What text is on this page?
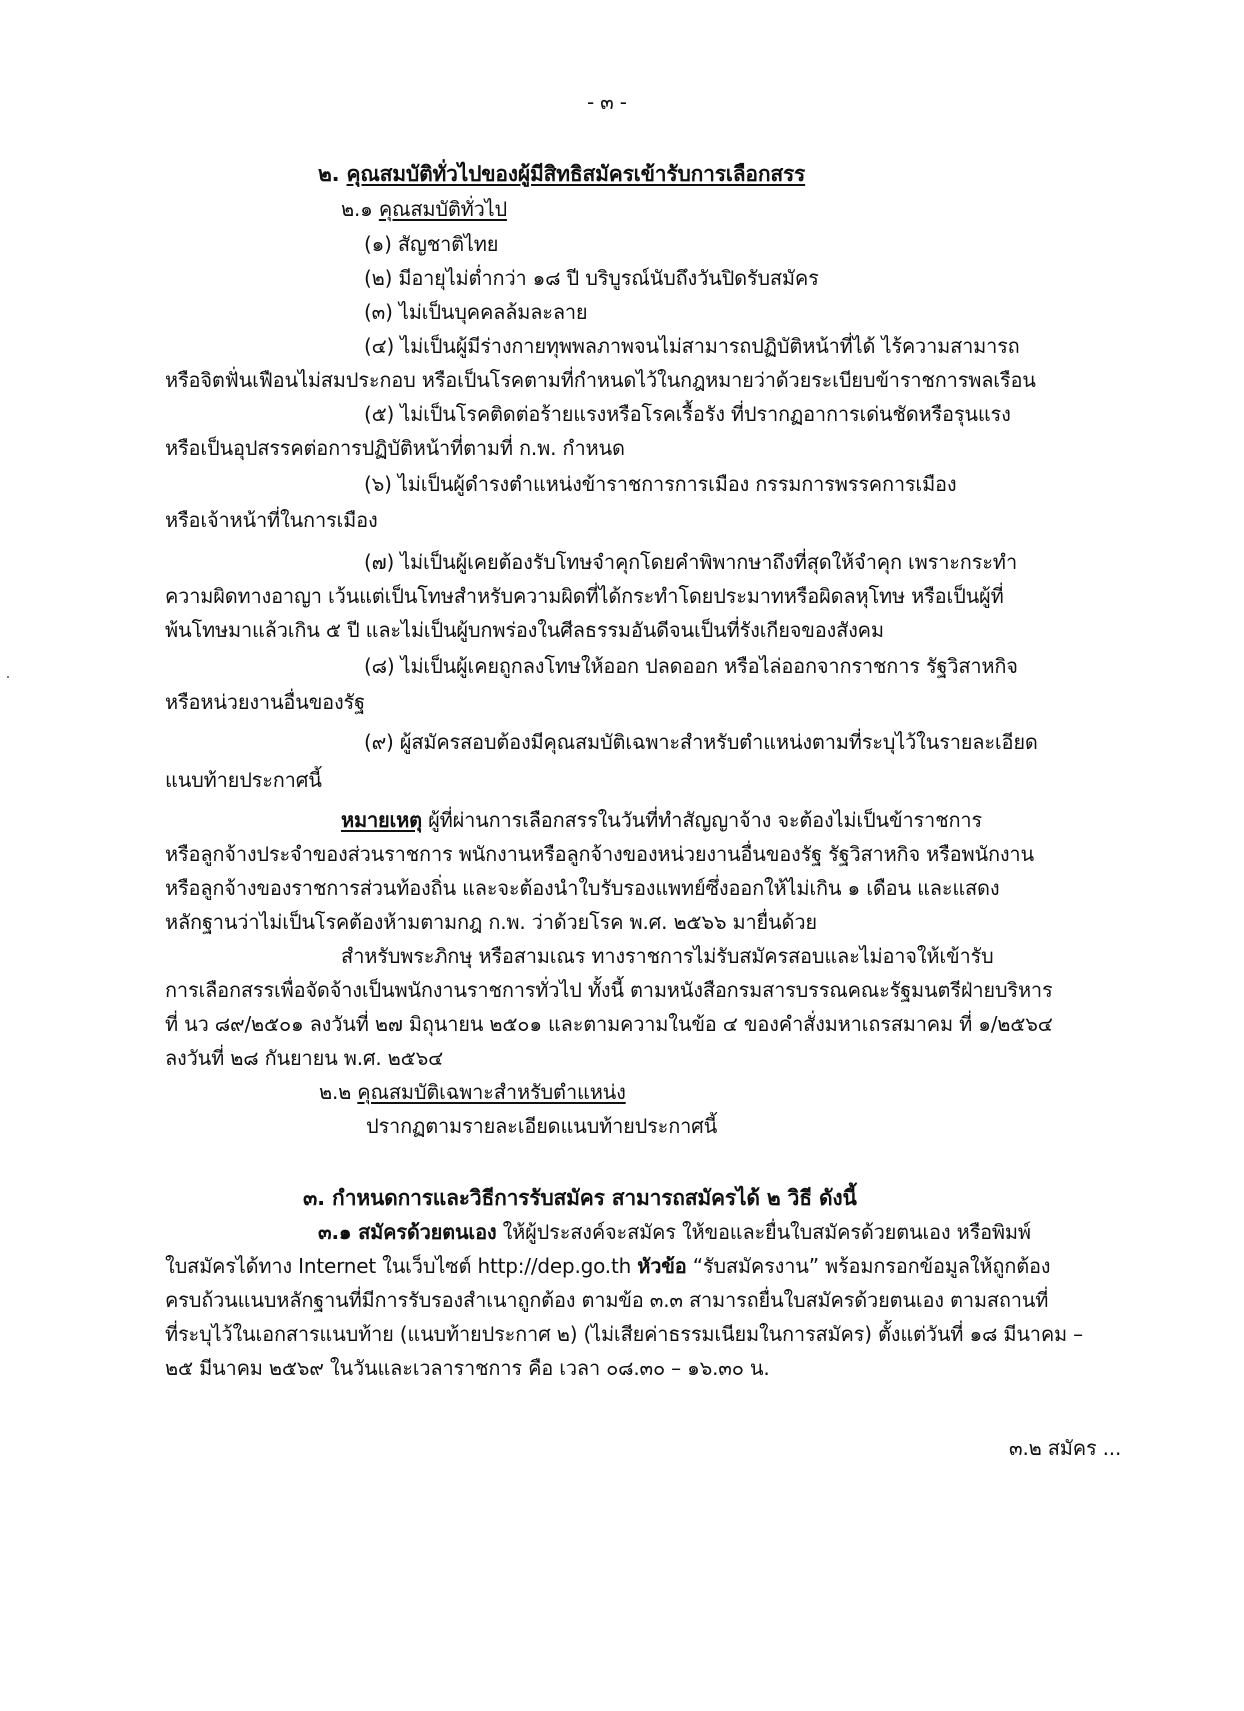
- ๓ -
๒. คุณสมบัติทั่วไปของผู้มีสิทธิสมัครเข้ารับการเลือกสรร
๒.๑ คุณสมบัติทั่วไป
(๑) สัญชาติไทย
(๒) มีอายุไม่ต่ำกว่า ๑๘ ปี บริบูรณ์นับถึงวันปิดรับสมัคร
(๓) ไม่เป็นบุคคลล้มละลาย
(๔) ไม่เป็นผู้มีร่างกายทุพพลภาพจนไม่สามารถปฏิบัติหน้าที่ได้ ไร้ความสามารถ
หรือจิตฟั่นเฟือนไม่สมประกอบ หรือเป็นโรคตามที่กำหนดไว้ในกฎหมายว่าด้วยระเบียบข้าราชการพลเรือน
(๕) ไม่เป็นโรคติดต่อร้ายแรงหรือโรคเรื้อรัง ที่ปรากฏอาการเด่นชัดหรือรุนแรง
หรือเป็นอุปสรรคต่อการปฏิบัติหน้าที่ตามที่ ก.พ. กำหนด
(๖) ไม่เป็นผู้ดำรงตำแหน่งข้าราชการการเมือง กรรมการพรรคการเมือง
หรือเจ้าหน้าที่ในการเมือง
(๗) ไม่เป็นผู้เคยต้องรับโทษจำคุกโดยคำพิพากษาถึงที่สุดให้จำคุก เพราะกระทำ
ความผิดทางอาญา เว้นแต่เป็นโทษสำหรับความผิดที่ได้กระทำโดยประมาทหรือผิดลหุโทษ หรือเป็นผู้ที่
พ้นโทษมาแล้วเกิน ๕ ปี และไม่เป็นผู้บกพร่องในศีลธรรมอันดีจนเป็นที่รังเกียจของสังคม
(๘) ไม่เป็นผู้เคยถูกลงโทษให้ออก ปลดออก หรือไล่ออกจากราชการ รัฐวิสาหกิจ
หรือหน่วยงานอื่นของรัฐ
(๙) ผู้สมัครสอบต้องมีคุณสมบัติเฉพาะสำหรับตำแหน่งตามที่ระบุไว้ในรายละเอียด
แนบท้ายประกาศนี้
หมายเหตุ ผู้ที่ผ่านการเลือกสรรในวันที่ทำสัญญาจ้าง จะต้องไม่เป็นข้าราชการ
หรือลูกจ้างประจำของส่วนราชการ พนักงานหรือลูกจ้างของหน่วยงานอื่นของรัฐ รัฐวิสาหกิจ หรือพนักงาน
หรือลูกจ้างของราชการส่วนท้องถิ่น และจะต้องนำใบรับรองแพทย์ซึ่งออกให้ไม่เกิน ๑ เดือน และแสดง
หลักฐานว่าไม่เป็นโรคต้องห้ามตามกฎ ก.พ. ว่าด้วยโรค พ.ศ. ๒๕๖๖ มายื่นด้วย
สำหรับพระภิกษุ หรือสามเณร ทางราชการไม่รับสมัครสอบและไม่อาจให้เข้ารับ
การเลือกสรรเพื่อจัดจ้างเป็นพนักงานราชการทั่วไป ทั้งนี้ ตามหนังสือกรมสารบรรณคณะรัฐมนตรีฝ่ายบริหาร
ที่ นว ๘๙/๒๕๐๑ ลงวันที่ ๒๗ มิถุนายน ๒๕๐๑ และตามความในข้อ ๔ ของคำสั่งมหาเถรสมาคม ที่ ๑/๒๕๖๔
ลงวันที่ ๒๘ กันยายน พ.ศ. ๒๕๖๔
๒.๒ คุณสมบัติเฉพาะสำหรับตำแหน่ง
ปรากฏตามรายละเอียดแนบท้ายประกาศนี้
๓. กำหนดการและวิธีการรับสมัคร สามารถสมัครได้ ๒ วิธี ดังนี้
๓.๑ สมัครด้วยตนเอง ให้ผู้ประสงค์จะสมัคร ให้ขอและยื่นใบสมัครด้วยตนเอง หรือพิมพ์
ใบสมัครได้ทาง Internet ในเว็บไซต์ http://dep.go.th หัวข้อ “รับสมัครงาน” พร้อมกรอกข้อมูลให้ถูกต้อง
ครบถ้วนแนบหลักฐานที่มีการรับรองสำเนาถูกต้อง ตามข้อ ๓.๓ สามารถยื่นใบสมัครด้วยตนเอง ตามสถานที่
ที่ระบุไว้ในเอกสารแนบท้าย (แนบท้ายประกาศ ๒) (ไม่เสียค่าธรรมเนียมในการสมัคร) ตั้งแต่วันที่ ๑๘ มีนาคม –
๒๕ มีนาคม ๒๕๖๙ ในวันและเวลาราชการ คือ เวลา ๐๘.๓๐ – ๑๖.๓๐ น.
๓.๒ สมัคร ...
